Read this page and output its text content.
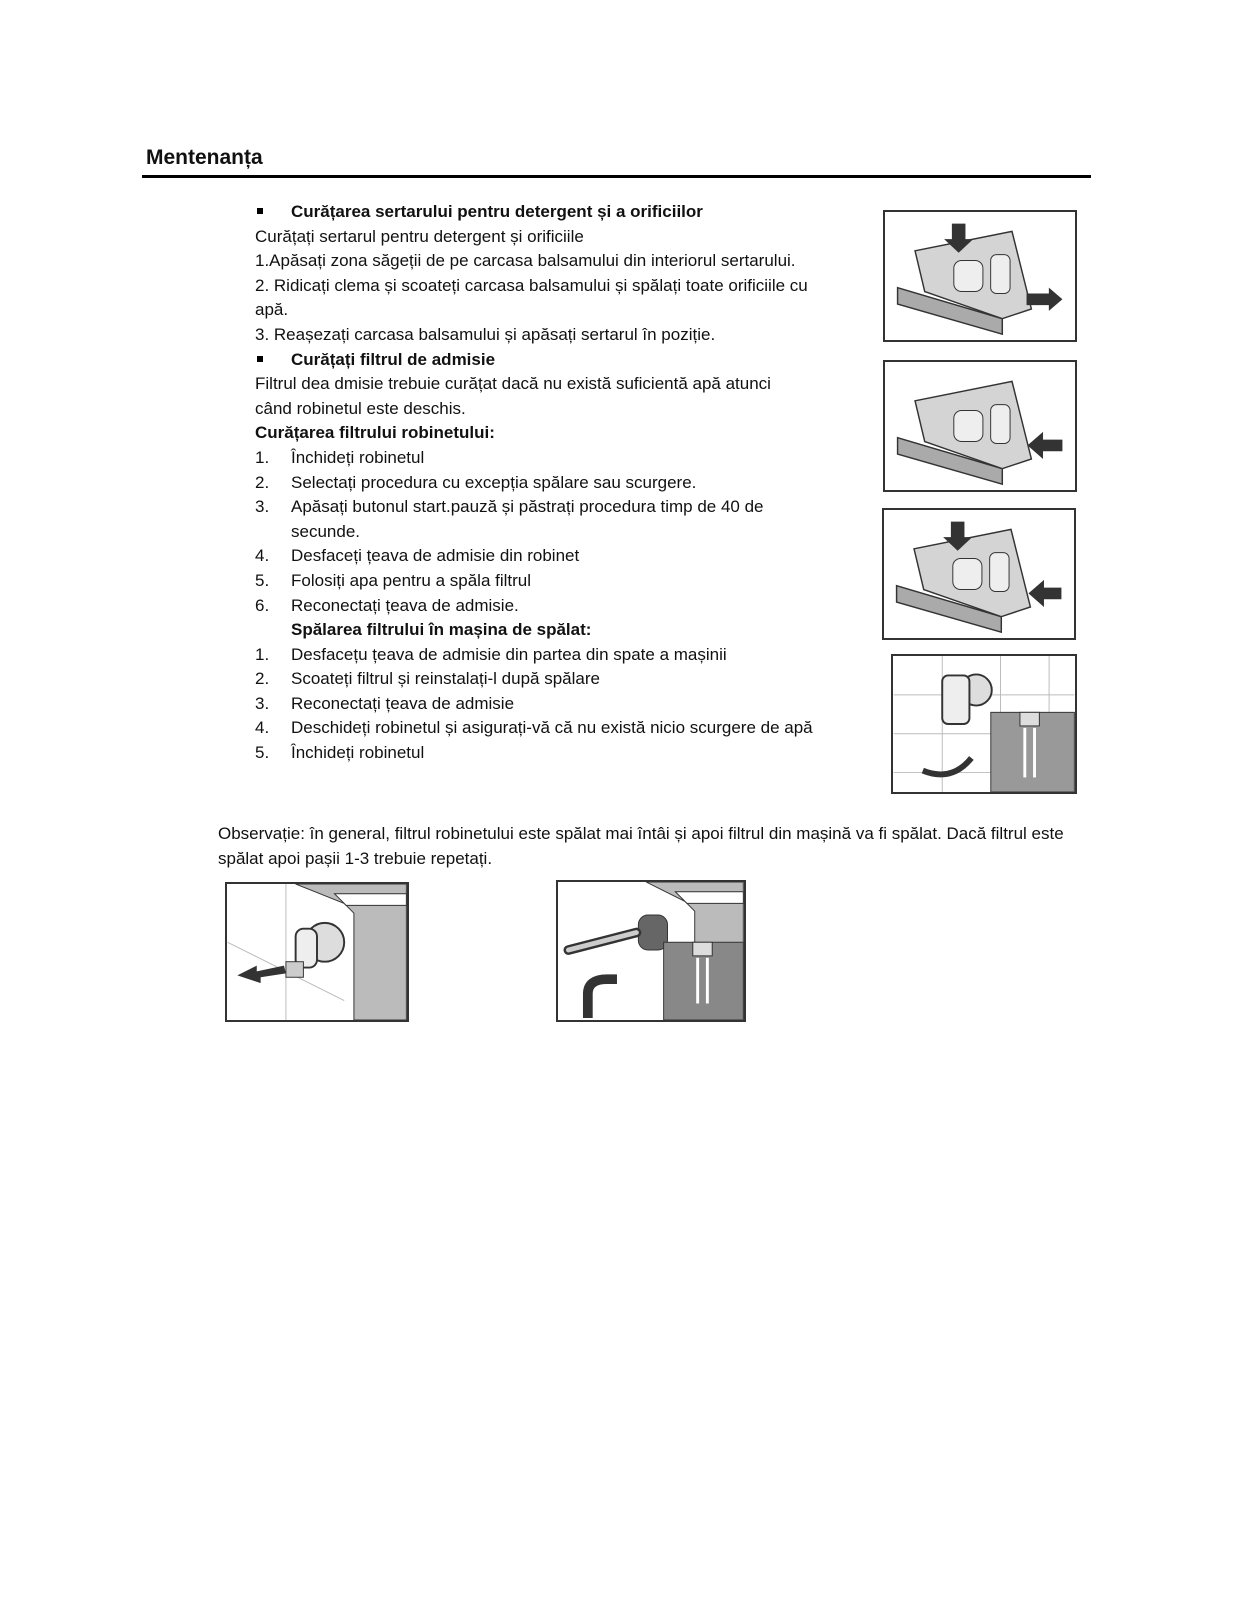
Mentenanța
Curățarea sertarului pentru detergent și a orificiilor
Curățați sertarul pentru detergent și orificiile
1.Apăsați zona săgeții de pe carcasa balsamului din interiorul sertarului.
2. Ridicați clema și scoateți carcasa balsamului și spălați toate orificiile cu
apă.
3. Reașezați carcasa balsamului și apăsați sertarul în poziție.
Curățați filtrul de admisie
Filtrul dea dmisie trebuie curățat dacă nu există suficientă apă atunci
când robinetul este deschis.
Curățarea filtrului robinetului:
1.	Închideți robinetul
2.	Selectați procedura cu excepția spălare sau scurgere.
3.	Apăsați butonul start.pauză și păstrați procedura timp de 40 de secunde.
4.	Desfaceți țeava de admisie din robinet
5.	Folosiți apa pentru a spăla filtrul
6.	Reconectați țeava de admisie.
Spălarea filtrului în mașina de spălat:
1.	Desfacețu țeava de admisie din partea din spate a mașinii
2.	Scoateți filtrul și reinstalați-l după spălare
3.	Reconectați țeava de admisie
4.	Deschideți robinetul și asigurați-vă că nu există nicio scurgere de apă
5.	Închideți robinetul
Observație: în general, filtrul robinetului este spălat mai întâi și apoi filtrul din mașină va fi spălat. Dacă filtrul este spălat apoi pașii 1-3 trebuie repetați.
